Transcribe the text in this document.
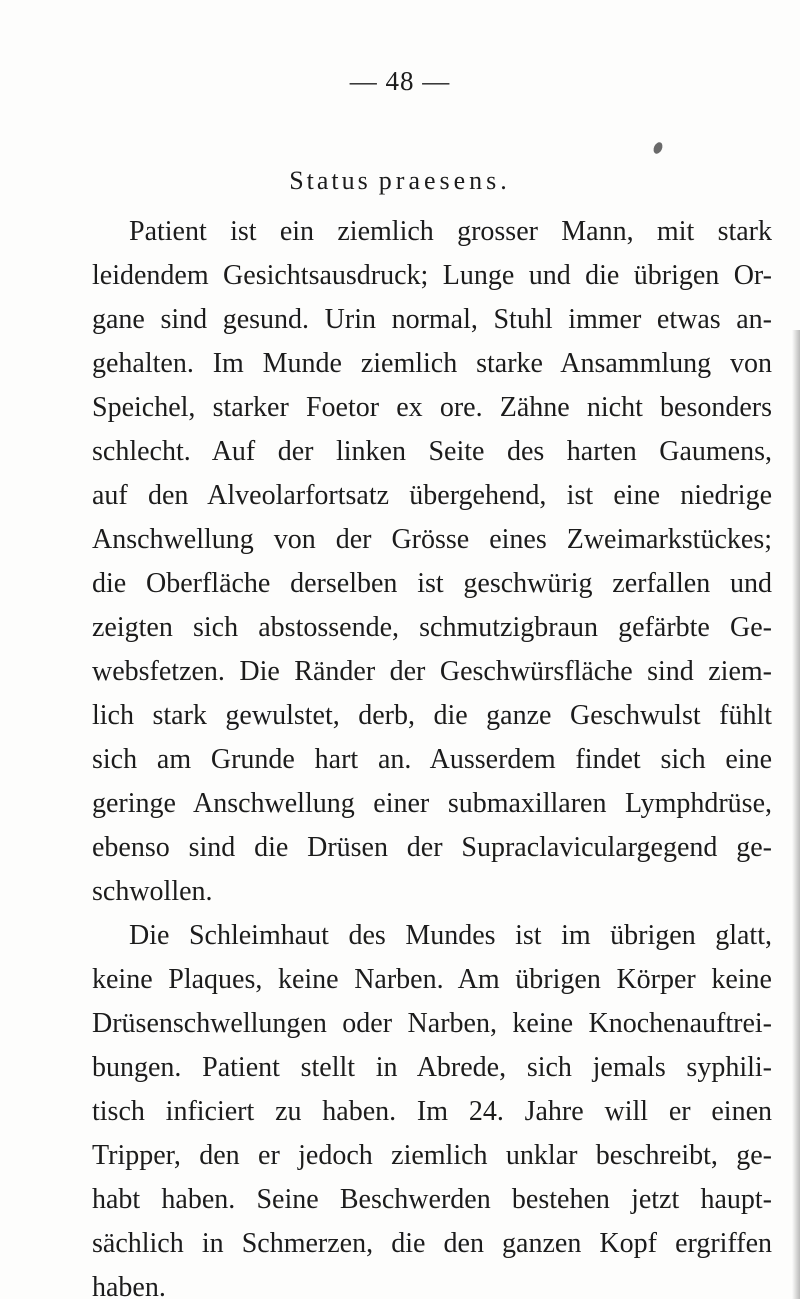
— 48 —
Status praesens.
Patient ist ein ziemlich grosser Mann, mit stark
leidendem Gesichtsausdruck; Lunge und die übrigen Or-
gane sind gesund. Urin normal, Stuhl immer etwas an-
gehalten. Im Munde ziemlich starke Ansammlung von
Speichel, starker Foetor ex ore. Zähne nicht besonders
schlecht. Auf der linken Seite des harten Gaumens,
auf den Alveolarfortsatz übergehend, ist eine niedrige
Anschwellung von der Grösse eines Zweimarkstückes;
die Oberfläche derselben ist geschwürig zerfallen und
zeigten sich abstossende, schmutzigbraun gefärbte Ge-
websfetzen. Die Ränder der Geschwürsfläche sind ziem-
lich stark gewulstet, derb, die ganze Geschwulst fühlt
sich am Grunde hart an. Ausserdem findet sich eine
geringe Anschwellung einer submaxillaren Lymphdrüse,
ebenso sind die Drüsen der Supraclaviculargegend ge-
schwollen.
Die Schleimhaut des Mundes ist im übrigen glatt,
keine Plaques, keine Narben. Am übrigen Körper keine
Drüsenschwellungen oder Narben, keine Knochenauftrei-
bungen. Patient stellt in Abrede, sich jemals syphili-
tisch inficiert zu haben. Im 24. Jahre will er einen
Tripper, den er jedoch ziemlich unklar beschreibt, ge-
habt haben. Seine Beschwerden bestehen jetzt haupt-
sächlich in Schmerzen, die den ganzen Kopf ergriffen
haben.
